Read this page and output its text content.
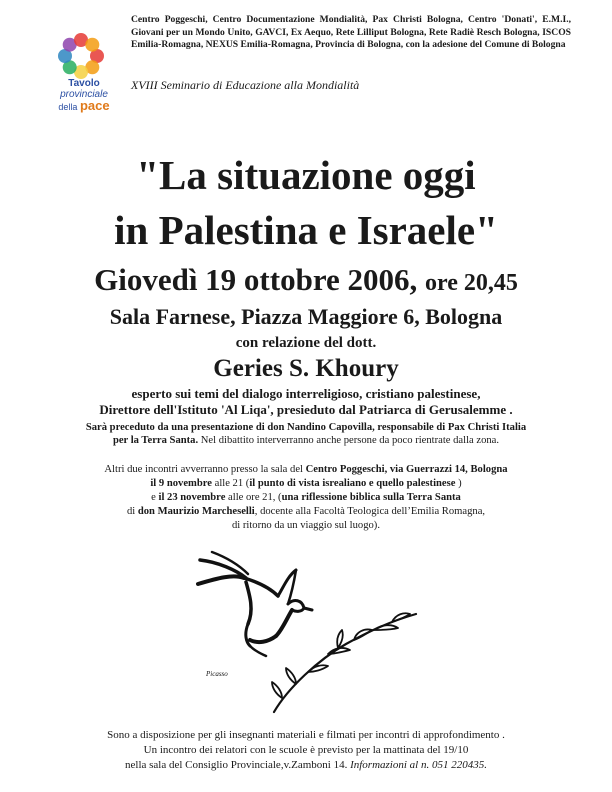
Tavolo
provinciale
della pace
Centro Poggeschi, Centro Documentazione Mondialità, Pax Christi Bologna, Centro 'Donati', E.M.I., Giovani per un Mondo Unito, GAVCI, Ex Aequo, Rete Lilliput Bologna, Rete Radiè Resch Bologna, ISCOS Emilia-Romagna, NEXUS Emilia-Romagna, Provincia di Bologna, con la adesione del Comune di Bologna
XVIII Seminario di Educazione alla Mondialità
"La situazione oggi
in Palestina e Israele"
Giovedì 19 ottobre 2006, ore 20,45
Sala Farnese, Piazza Maggiore 6, Bologna
con relazione del dott.
Geries S. Khoury
esperto sui temi del dialogo interreligioso, cristiano palestinese,
Direttore dell'Istituto 'Al Liqa', presieduto dal Patriarca di Gerusalemme .
Sarà preceduto da una presentazione di don Nandino Capovilla, responsabile di Pax Christi Italia
per la Terra Santa. Nel dibattito interverranno anche persone da poco rientrate dalla zona.
Altri due incontri avverranno presso la sala del Centro Poggeschi, via Guerrazzi 14, Bologna
il 9 novembre alle 21 (il punto di vista isrealiano e quello palestinese )
e il 23 novembre alle ore 21, (una riflessione biblica sulla Terra Santa
di don Maurizio Marcheselli, docente alla Facoltà Teologica dell’Emilia Romagna,
di ritorno da un viaggio sul luogo).
Picasso
Sono a disposizione per gli insegnanti materiali e filmati per incontri di approfondimento .
Un incontro dei relatori con le scuole è previsto per la mattinata del 19/10
nella sala del Consiglio Provinciale,v.Zamboni 14. Informazioni al n. 051 220435.
